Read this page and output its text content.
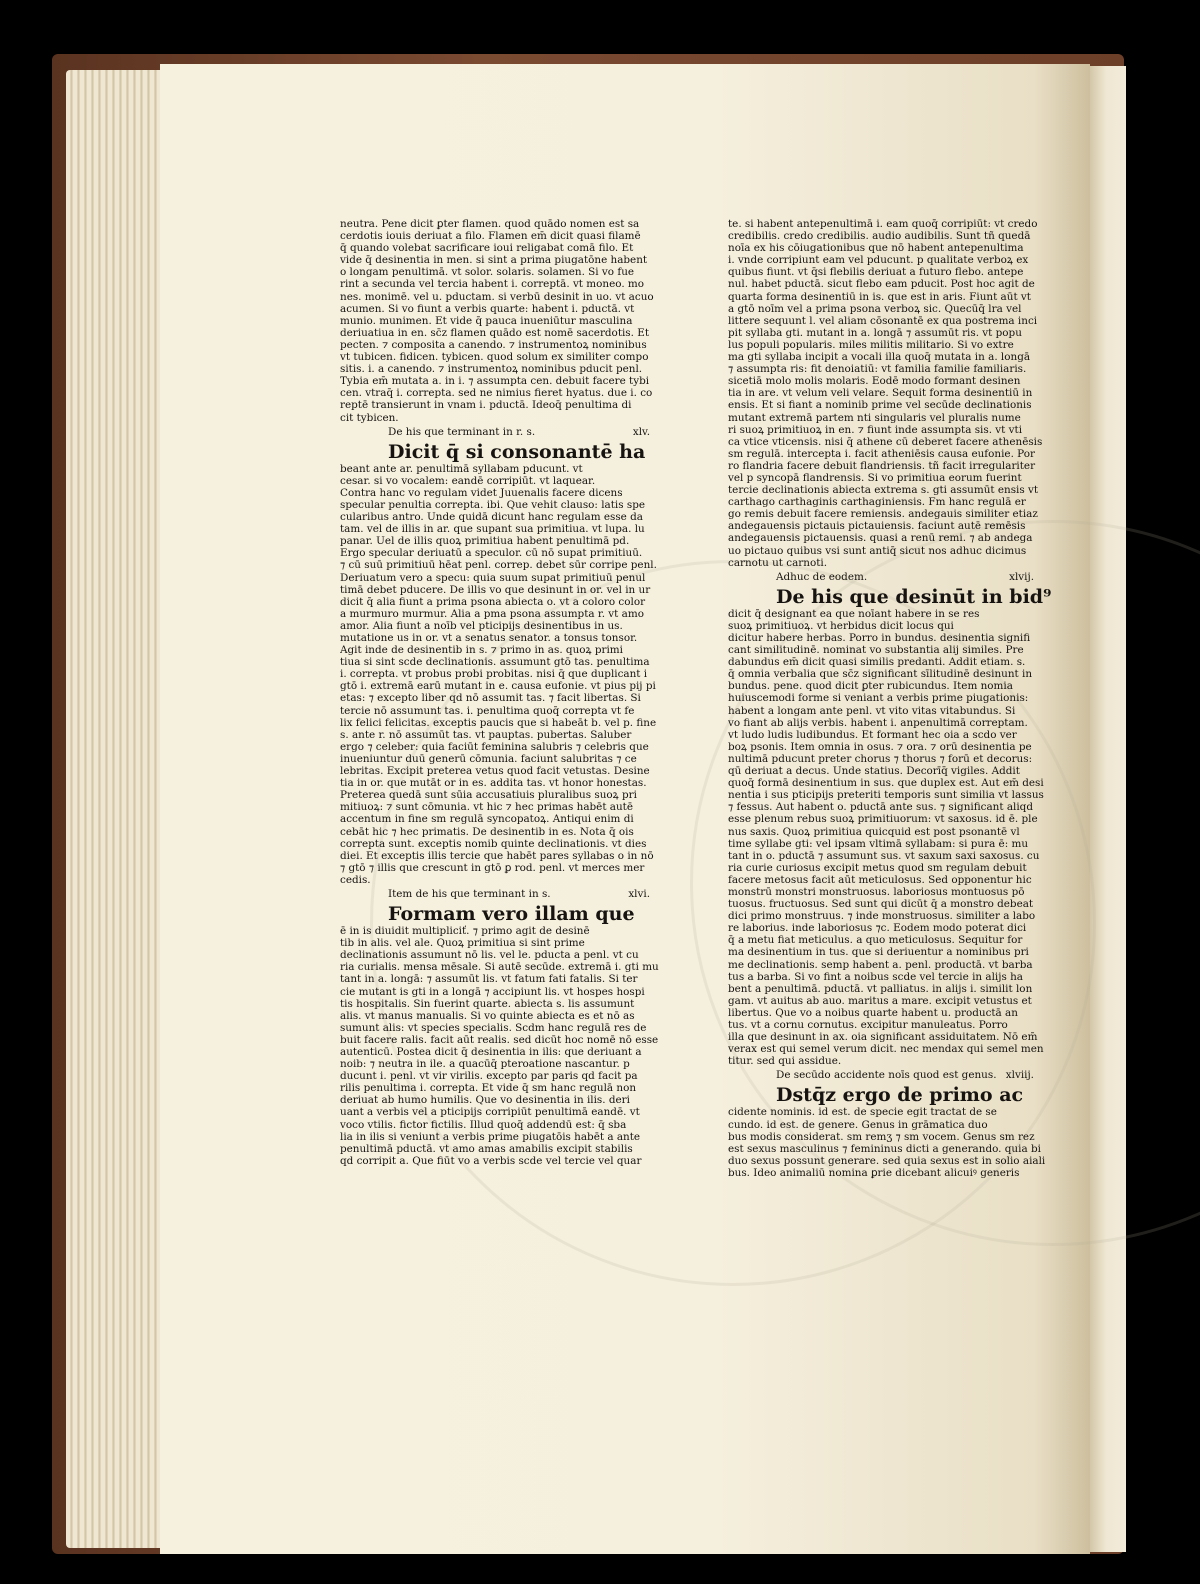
neutra. Pene dicit ꝑter flamen. quod quādo nomen est sa
cerdotis iouis deriuat a filo. Flamen em̄ dicit quasi filamē
q̄ quando volebat sacrificare ioui religabat comā filo. Et
vide q̄ desinentia in men. si sint a prima piugatōne habent
o longam penultimā. vt solor. solaris. solamen. Si vo fue
rint a secunda vel tercia habent i. correptā. vt moneo. mo
nes. monimē. vel u. pductam. si verbū desinit in uo. vt acuo
acumen. Si vo fiunt a verbis quarte: habent i. pductā. vt
munio. munimen. Et vide q̄ pauca inueniūtur masculina
deriuatiua in en. sc̄z flamen quādo est nomē sacerdotis. Et
pecten. ⁊ composita a canendo. ⁊ instrumentoꝝ nominibus
vt tubicen. fidicen. tybicen. quod solum ex similiter compo
sitis. i. a canendo. ⁊ instrumentoꝝ nominibus pducit penl.
Tybia em̄ mutata a. in i. ⁊ assumpta cen. debuit facere tybi
cen. vtraq̄ i. correpta. sed ne nimius fieret hyatus. due i. co
reptē transierunt in vnam i. pductā. Ideoq̄ penultima di
cit tybicen.
De his que terminant in r. s.	xlv.
Dicit q̄ si consonantē ha
beant ante ar. penultimā syllabam pducunt. vt
cesar. si vo vocalem: eandē corripiūt. vt laquear.
Contra hanc vo regulam videt Juuenalis facere dicens
specular penultia correpta. ibi. Que vehit clauso: latis spe
cularibus antro. Unde quidā dicunt hanc regulam esse da
tam. vel de illis in ar. que supant sua primitiua. vt lupa. lu
panar. Uel de illis quoꝝ primitiua habent penultimā pd.
Ergo specular deriuatū a speculor. cū nō supat primitiuū.
⁊ cū suū primitiuū hēat penl. correp. debet sūr corripe penl.
Deriuatum vero a specu: quia suum supat primitiuū penul
timā debet pducere. De illis vo que desinunt in or. vel in ur
dicit q̄ alia fiunt a prima psona abiecta o. vt a coloro color
a murmuro murmur. Alia a pma psona assumpta r. vt amo
amor. Alia fiunt a noīb vel pticipijs desinentibus in us.
mutatione us in or. vt a senatus senator. a tonsus tonsor.
Agit inde de desinentib in s. ⁊ primo in as. quoꝝ primi
tiua si sint scde declinationis. assumunt gtō tas. penultima
i. correpta. vt probus probi probitas. nisi q̄ que duplicant i
gtō i. extremā earū mutant in e. causa eufonie. vt pius pij pi
etas: ⁊ excepto liber qd nō assumit tas. ⁊ facit libertas. Si
tercie nō assumunt tas. i. penultima quoq̄ correpta vt fe
lix felici felicitas. exceptis paucis que si habeāt b. vel p. fine
s. ante r. nō assumūt tas. vt pauptas. pubertas. Saluber
ergo ⁊ celeber: quia faciūt feminina salubris ⁊ celebris que
inueniuntur duū generū cōmunia. faciunt salubritas ⁊ ce
lebritas. Excipit preterea vetus quod facit vetustas. Desine
tia in or. que mutāt or in es. addita tas. vt honor honestas.
Preterea quedā sunt sūia accusatiuis pluralibus suoꝝ pri
mitiuoꝝ: ⁊ sunt cōmunia. vt hic ⁊ hec primas habēt autē
accentum in fine sm regulā syncopatoꝝ. Antiqui enim di
cebāt hic ⁊ hec primatis. De desinentib in es. Nota q̄ ois
correpta sunt. exceptis nomib quinte declinationis. vt dies
diei. Et exceptis illis tercie que habēt pares syllabas o in nō
⁊ gtō ⁊ illis que crescunt in gtō ꝑ rod. penl. vt merces mer
cedis.
Item de his que terminant in s.	xlvi.
Formam vero illam que
ē in is diuidit multipliciť. ⁊ primo agit de desinē
tib in alis. vel ale. Quoꝝ primitiua si sint prime
declinationis assumunt nō lis. vel le. pducta a penl. vt cu
ria curialis. mensa mēsale. Si autē secūde. extremā i. gti mu
tant in a. longā: ⁊ assumūt lis. vt fatum fati fatalis. Si ter
cie mutant is gti in a longā ⁊ accipiunt lis. vt hospes hospi
tis hospitalis. Sin fuerint quarte. abiecta s. lis assumunt
alis. vt manus manualis. Si vo quinte abiecta es et nō as
sumunt alis: vt species specialis. Scdm hanc regulā res de
buit facere ralis. facit aūt realis. sed dicūt hoc nomē nō esse
autenticū. Postea dicit q̄ desinentia in ilis: que deriuant a
noib: ⁊ neutra in ile. a quacūq̄ pteroatione nascantur. p
ducunt i. penl. vt vir virilis. excepto par paris qd facit pa
rilis penultima i. correpta. Et vide q̄ sm hanc regulā non
deriuat ab humo humilis. Que vo desinentia in ilis. deri
uant a verbis vel a pticipijs corripiūt penultimā eandē. vt
voco vtilis. fictor fictilis. Illud quoq̄ addendū est: q̄ sba
lia in ilis si veniunt a verbis prime piugatōis habēt a ante
penultimā pductā. vt amo amas amabilis excipit stabilis
qd corripit a. Que fiūt vo a verbis scde vel tercie vel quar
te. si habent antepenultimā i. eam quoq̄ corripiūt: vt credo
credibilis. credo credibilis. audio audibilis. Sunt tñ quedā
noīa ex his cōiugationibus que nō habent antepenultima
i. vnde corripiunt eam vel pducunt. p qualitate verboꝝ ex
quibus fiunt. vt q̄si flebilis deriuat a futuro flebo. antepe
nul. habet pductā. sicut flebo eam pducit. Post hoc agit de
quarta forma desinentiū in is. que est in aris. Fiunt aūt vt
a gtō noīm vel a prima psona verboꝝ sic. Quecūq̄ lra vel
littere sequunt l. vel aliam cōsonantē ex qua postrema inci
pit syllaba gti. mutant in a. longā ⁊ assumūt ris. vt popu
lus populi popularis. miles militis militario. Si vo extre
ma gti syllaba incipit a vocali illa quoq̄ mutata in a. longā
⁊ assumpta ris: fit denoiatiū: vt familia familie familiaris.
sicetiā molo molis molaris. Eodē modo formant desinen
tia in are. vt velum veli velare. Sequit forma desinentiū in
ensis. Et si fiant a nominib prime vel secūde declinationis
mutant extremā partem nti singularis vel pluralis nume
ri suoꝝ primitiuoꝝ in en. ⁊ fiunt inde assumpta sis. vt vti
ca vtice vticensis. nisi q̄ athene cū deberet facere athenēsis
sm regulā. intercepta i. facit atheniēsis causa eufonie. Por
ro flandria facere debuit flandriensis. tñ facit irregulariter
vel p syncopā flandrensis. Si vo primitiua eorum fuerint
tercie declinationis abiecta extrema s. gti assumūt ensis vt
carthago carthaginis carthaginiensis. Fm hanc regulā er
go remis debuit facere remiensis. andegauis similiter etiaz
andegauensis pictauis pictauiensis. faciunt autē remēsis
andegauensis pictauensis. quasi a renū remi. ⁊ ab andega
uo pictauo quibus vsi sunt antiq̄ sicut nos adhuc dicimus
carnotu ut carnoti.
Adhuc de eodem.	xlvij.
De his que desinūt in bid⁹
dicit q̄ designant ea que noīant habere in se res
suoꝝ primitiuoꝝ. vt herbidus dicit locus qui
dicitur habere herbas. Porro in bundus. desinentia signifi
cant similitudinē. nominat vo substantia alij similes. Pre
dabundus em̄ dicit quasi similis predanti. Addit etiam. s.
q̄ omnia verbalia que sc̄z significant sīlitudinē desinunt in
bundus. pene. quod dicit ꝑter rubicundus. Item nomia
huiuscemodi forme si veniant a verbis prime piugationis:
habent a longam ante penl. vt vito vitas vitabundus. Si
vo fiant ab alijs verbis. habent i. anpenultimā correptam.
vt ludo ludis ludibundus. Et formant hec oia a scdo ver
boꝝ psonis. Item omnia in osus. ⁊ ora. ⁊ orū desinentia pe
nultimā pducunt preter chorus ⁊ thorus ⁊ forū et decorus:
qū deriuat a decus. Unde statius. Decorīq̄ vigiles. Addit
quoq̄ formā desinentium in sus. que duplex est. Aut em̄ desi
nentia i sus pticipijs preteriti temporis sunt similia vt lassus
⁊ fessus. Aut habent o. pductā ante sus. ⁊ significant aliqd
esse plenum rebus suoꝝ primitiuorum: vt saxosus. id ē. ple
nus saxis. Quoꝝ primitiua quicquid est post psonantē vl
time syllabe gti: vel ipsam vltimā syllabam: si pura ē: mu
tant in o. pductā ⁊ assumunt sus. vt saxum saxi saxosus. cu
ria curie curiosus excipit metus quod sm regulam debuit
facere metosus facit aūt meticulosus. Sed opponentur hic
monstrū monstri monstruosus. laboriosus montuosus pō
tuosus. fructuosus. Sed sunt qui dicūt q̄ a monstro debeat
dici primo monstruus. ⁊ inde monstruosus. similiter a labo
re laborius. inde laboriosus ⁊c. Eodem modo poterat dici
q̄ a metu fiat meticulus. a quo meticulosus. Sequitur for
ma desinentium in tus. que si deriuentur a nominibus pri
me declinationis. semp habent a. penl. productā. vt barba
tus a barba. Si vo fint a noibus scde vel tercie in alijs ha
bent a penultimā. pductā. vt palliatus. in alijs i. similit lon
gam. vt auitus ab auo. maritus a mare. excipit vetustus et
libertus. Que vo a noibus quarte habent u. productā an
tus. vt a cornu cornutus. excipitur manuleatus. Porro
illa que desinunt in ax. oia significant assiduitatem. Nō em̄
verax est qui semel verum dicit. nec mendax qui semel men
titur. sed qui assidue.
De secūdo accidente noīs quod est genus. xlviij.
Dstq̄z ergo de primo ac
cidente nominis. id est. de specie egit tractat de se
cundo. id est. de genere. Genus in grāmatica duo
bus modis considerat. sm remʒ ⁊ sm vocem. Genus sm rez
est sexus masculinus ⁊ femininus dicti a generando. quia bi
duo sexus possunt generare. sed quia sexus est in solio aiali
bus. Ideo animaliū nomina ꝑrie dicebant alicuiꝰ generis
